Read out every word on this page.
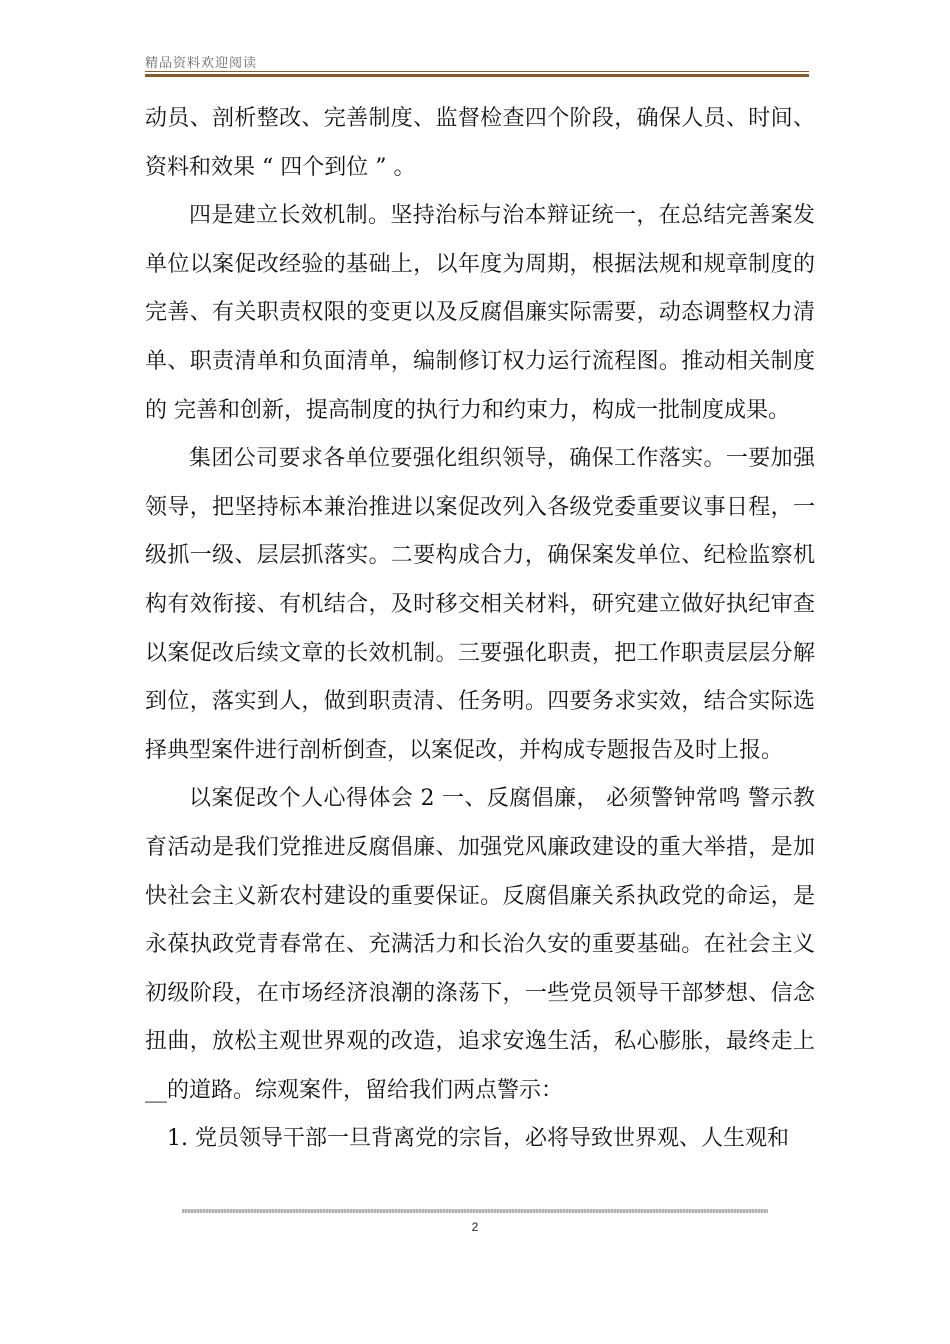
精品资料欢迎阅读

动员、剖析整改、完善制度、监督检查四个阶段，确保人员、时间、资料和效果 “ 四个到位 ” 。

四是建立长效机制。坚持治标与治本辩证统一，在总结完善案发单位以案促改经验的基础上，以年度为周期，根据法规和规章制度的完善、有关职责权限的变更以及反腐倡廉实际需要，动态调整权力清单、职责清单和负面清单，编制修订权力运行流程图。推动相关制度的 完善和创新，提高制度的执行力和约束力，构成一批制度成果。

集团公司要求各单位要强化组织领导，确保工作落实。一要加强领导，把坚持标本兼治推进以案促改列入各级党委重要议事日程，一级抓一级、层层抓落实。二要构成合力，确保案发单位、纪检监察机构有效衔接、有机结合，及时移交相关材料，研究建立做好执纪审查以案促改后续文章的长效机制。三要强化职责，把工作职责层层分解到位，落实到人，做到职责清、任务明。四要务求实效，结合实际选择典型案件进行剖析倒查，以案促改，并构成专题报告及时上报。

以案促改个人心得体会 2 一、反腐倡廉， 必须警钟常鸣 警示教育活动是我们党推进反腐倡廉、加强党风廉政建设的重大举措，是加快社会主义新农村建设的重要保证。反腐倡廉关系执政党的命运，是永葆执政党青春常在、充满活力和长治久安的重要基础。在社会主义初级阶段，在市场经济浪潮的涤荡下，一些党员领导干部梦想、信念扭曲，放松主观世界观的改造，追求安逸生活，私心膨胀，最终走上 __的道路。综观案件，留给我们两点警示：

1. 党员领导干部一旦背离党的宗旨，必将导致世界观、人生观和

2
